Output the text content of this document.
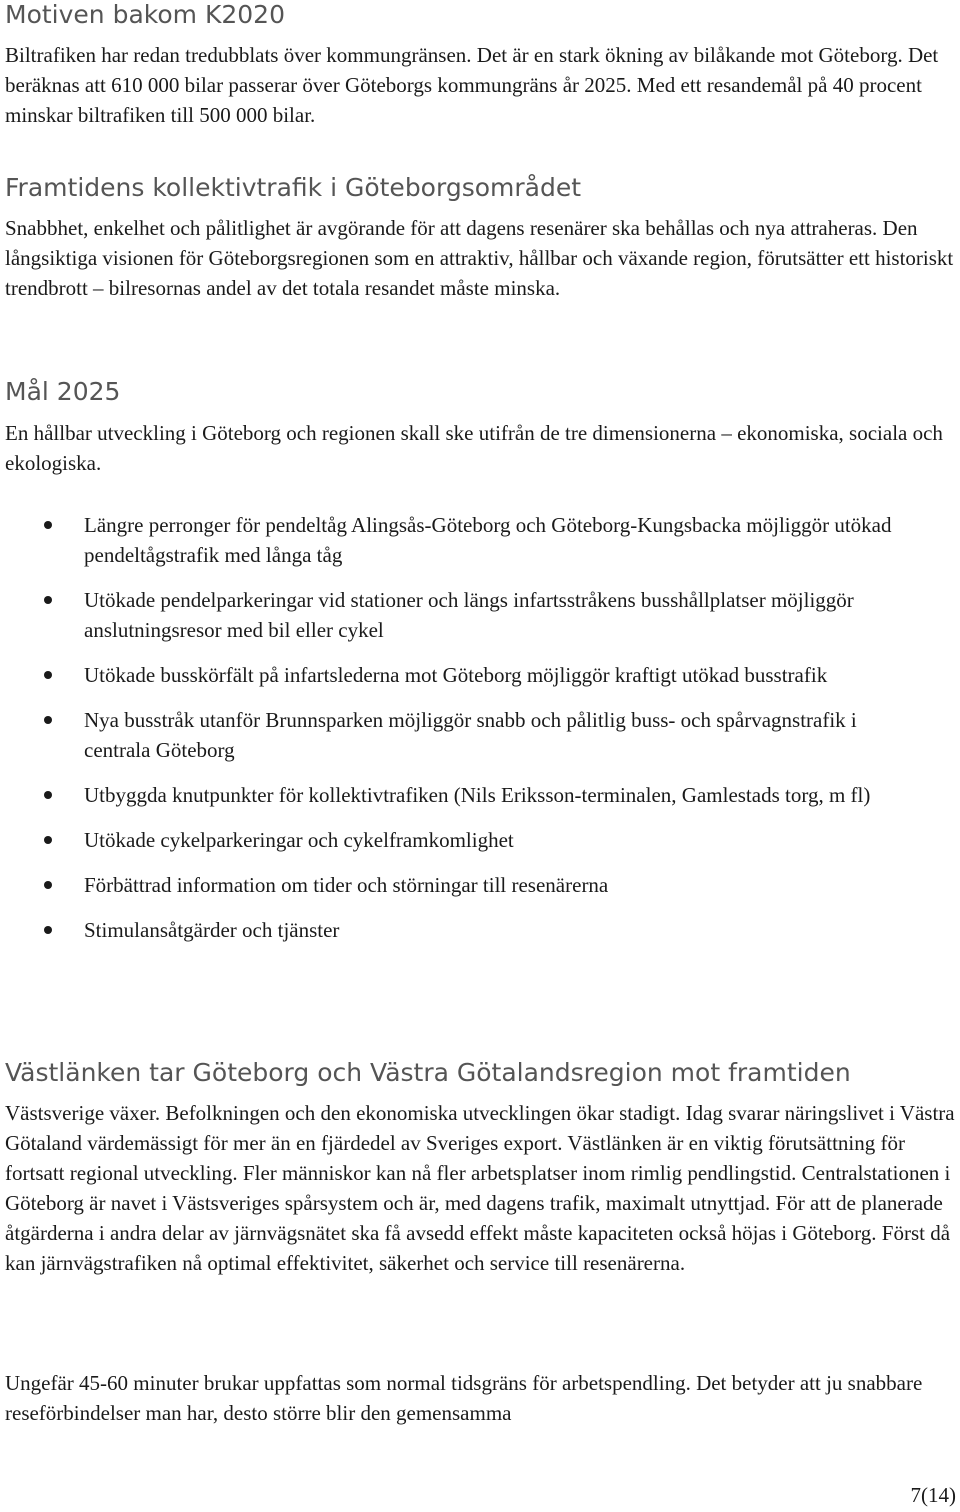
Motiven bakom K2020

Biltrafiken har redan tredubblats över kommungränsen. Det är en stark ökning av bilåkande mot Göteborg. Det beräknas att 610 000 bilar passerar över Göteborgs kommungräns år 2025. Med ett resandemål på 40 procent minskar biltrafiken till 500 000 bilar.

Framtidens kollektivtrafik i Göteborgsområdet

Snabbhet, enkelhet och pålitlighet är avgörande för att dagens resenärer ska behållas och nya attraheras. Den långsiktiga visionen för Göteborgsregionen som en attraktiv, hållbar och växande region, förutsätter ett historiskt trendbrott – bilresornas andel av det totala resandet måste minska.

Mål 2025

En hållbar utveckling i Göteborg och regionen skall ske utifrån de tre dimensionerna – ekonomiska, sociala och ekologiska.

Längre perronger för pendeltåg Alingsås-Göteborg och Göteborg-Kungsbacka möjliggör utökad pendeltågstrafik med långa tåg
Utökade pendelparkeringar vid stationer och längs infartsstråkens busshållplatser möjliggör anslutningsresor med bil eller cykel
Utökade busskörfält på infartslederna mot Göteborg möjliggör kraftigt utökad busstrafik
Nya busstråk utanför Brunnsparken möjliggör snabb och pålitlig buss- och spårvagnstrafik i centrala Göteborg
Utbyggda knutpunkter för kollektivtrafiken (Nils Eriksson-terminalen, Gamlestads torg, m fl)
Utökade cykelparkeringar och cykelframkomlighet
Förbättrad information om tider och störningar till resenärerna
Stimulansåtgärder och tjänster
Västlänken tar Göteborg och Västra Götalandsregion mot framtiden

Västsverige växer. Befolkningen och den ekonomiska utvecklingen ökar stadigt. Idag svarar näringslivet i Västra Götaland värdemässigt för mer än en fjärdedel av Sveriges export. Västlänken är en viktig förutsättning för fortsatt regional utveckling. Fler människor kan nå fler arbetsplatser inom rimlig pendlingstid. Centralstationen i Göteborg är navet i Västsveriges spårsystem och är, med dagens trafik, maximalt utnyttjad. För att de planerade åtgärderna i andra delar av järnvägsnätet ska få avsedd effekt måste kapaciteten också höjas i Göteborg. Först då kan järnvägstrafiken nå optimal effektivitet, säkerhet och service till resenärerna.

Ungefär 45-60 minuter brukar uppfattas som normal tidsgräns för arbetspendling. Det betyder att ju snabbare reseförbindelser man har, desto större blir den gemensamma

7(14)
